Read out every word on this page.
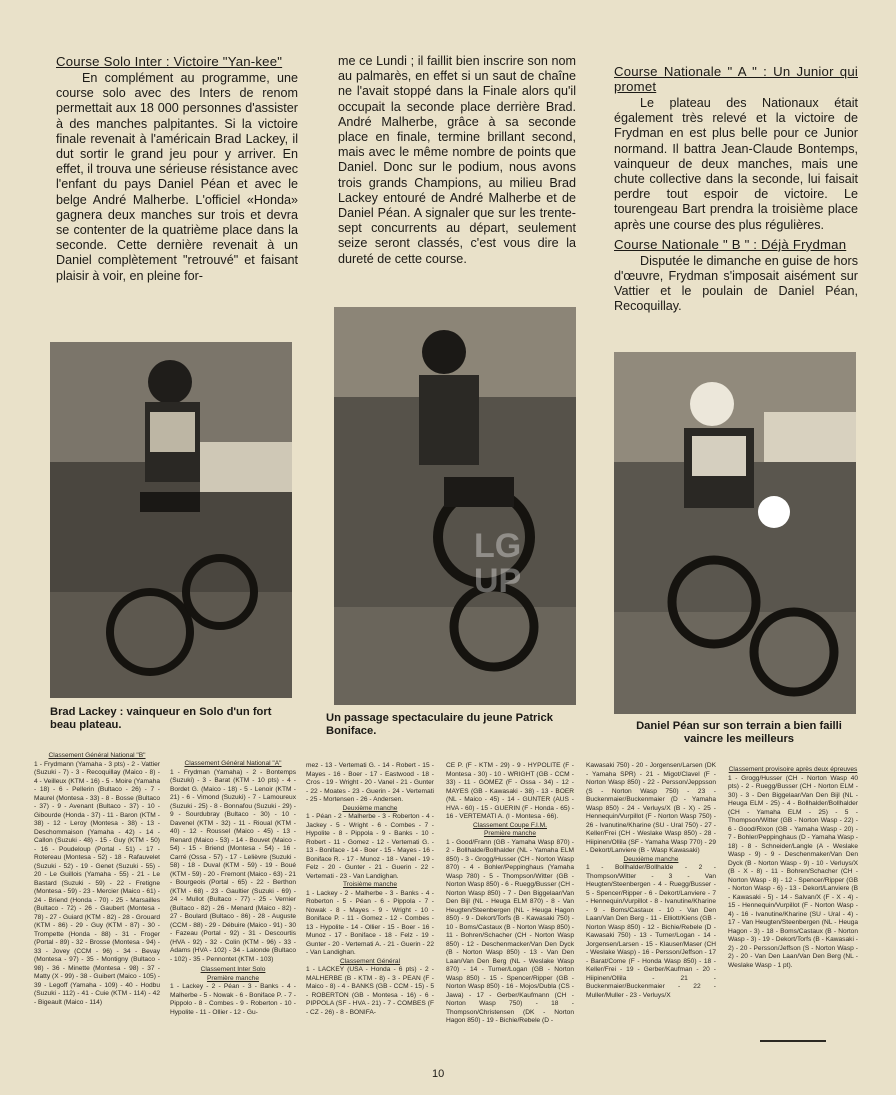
Course Solo Inter : Victoire "Yan-kee"

En complément au programme, une course solo avec des Inters de renom permettait aux 18 000 personnes d'assister à des manches palpitantes. Si la victoire finale revenait à l'américain Brad Lackey, il dut sortir le grand jeu pour y arriver. En effet, il trouva une sérieuse résistance avec l'enfant du pays Daniel Péan et avec le belge André Malherbe. L'officiel «Honda» gagnera deux manches sur trois et devra se contenter de la quatrième place dans la seconde. Cette dernière revenait à un Daniel complètement "retrouvé" et faisant plaisir à voir, en pleine for-

me ce Lundi ; il faillit bien inscrire son nom au palmarès, en effet si un saut de chaîne ne l'avait stoppé dans la Finale alors qu'il occupait la seconde place derrière Brad. André Malherbe, grâce à sa seconde place en finale, termine brillant second, mais avec le même nombre de points que Daniel. Donc sur le podium, nous avons trois grands Champions, au milieu Brad Lackey entouré de André Malherbe et de Daniel Péan. A signaler que sur les trente-sept concurrents au départ, seulement seize seront classés, c'est vous dire la dureté de cette course.

Course Nationale " A " : Un Junior qui promet

Le plateau des Nationaux était également très relevé et la victoire de Frydman en est plus belle pour ce Junior normand. Il battra Jean-Claude Bontemps, vainqueur de deux manches, mais une chute collective dans la seconde, lui faisait perdre tout espoir de victoire. Le tourengeau Bart prendra la troisième place après une course des plus régulières.

Course Nationale " B " : Déjà Frydman

Disputée le dimanche en guise de hors d'œuvre, Frydman s'imposait aisément sur Vattier et le poulain de Daniel Péan, Recoquillay.

Brad Lackey : vainqueur en Solo d'un fort beau plateau.
LG
UP
Un passage spectaculaire du jeune Patrick Boniface.	Daniel Péan sur son terrain a bien failli vaincre les meilleurs
Classement Général National "B"

1 - Frydmann (Yamaha - 3 pts) - 2 - Vattier (Suzuki - 7) - 3 - Recoquillay (Maico - 8) - 4 - Veilleux (KTM - 16) - 5 - Moire (Yamaha - 18) - 6 - Pellerin (Bultaco - 26) - 7 - Maurel (Montesa - 33) - 8 - Bosse (Bultaco - 37) - 9 - Avenant (Bultaco - 37) - 10 - Gibourde (Honda - 37) - 11 - Baron (KTM - 38) - 12 - Leroy (Montesa - 38) - 13 - Deschommaison (Yamaha - 42) - 14 - Callon (Suzuki - 48) - 15 - Guy (KTM - 50) - 16 - Poudeloup (Portal - 51) - 17 - Rotereau (Montesa - 52) - 18 - Rafauvelet (Suzuki - 52) - 19 - Genet (Suzuki - 55) - 20 - Le Guillois (Yamaha - 55) - 21 - Le Bastard (Suzuki - 59) - 22 - Fretigne (Montesa - 59) - 23 - Mercier (Maico - 61) - 24 - Briend (Honda - 70) - 25 - Marsailles (Bultaco - 72) - 26 - Gaubert (Montesa - 78) - 27 - Guiard (KTM - 82) - 28 - Grouard (KTM - 86) - 29 - Guy (KTM - 87) - 30 - Trompette (Honda - 88) - 31 - Froger (Portal - 89) - 32 - Brosse (Montesa - 94) - 33 - Jovey (CCM - 96) - 34 - Bevay (Montesa - 97) - 35 - Montigny (Bultaco - 98) - 36 - Minette (Montesa - 98) - 37 - Matty (X - 99) - 38 - Guibert (Maico - 105) - 39 - Legoff (Yamaha - 109) - 40 - Hodbu (Suzuki - 112) - 41 - Cuie (KTM - 114) - 42 - Bigeault (Maico - 114)

Classement Général National "A"

1 - Frydman (Yamaha) - 2 - Bontemps (Suzuki) - 3 - Barat (KTM - 10 pts) - 4 - Bordet G. (Maico - 18) - 5 - Lenoir (KTM - 21) - 6 - Vimond (Suzuki) - 7 - Lamoureux (Suzuki - 25) - 8 - Bonnafou (Suzuki - 29) - 9 - Sourdubray (Bultaco - 30) - 10 - Davenel (KTM - 32) - 11 - Rioual (KTM - 40) - 12 - Roussel (Maico - 45) - 13 - Renard (Maico - 53) - 14 - Bouvet (Maico - 54) - 15 - Briend (Montesa - 54) - 16 - Carré (Ossa - 57) - 17 - Lelièvre (Suzuki - 58) - 18 - Duval (KTM - 59) - 19 - Boué (KTM - 59) - 20 - Fremont (Maico - 63) - 21 - Bourgeois (Portal - 65) - 22 - Berthon (KTM - 68) - 23 - Gaultier (Suzuki - 69) - 24 - Mullot (Bultaco - 77) - 25 - Vernier (Bultaco - 82) - 26 - Menard (Maico - 82) - 27 - Boulard (Bultaco - 86) - 28 - Auguste (CCM - 88) - 29 - Débuire (Maico - 91) - 30 - Fazeau (Portal - 92) - 31 - Descourtis (HVA - 92) - 32 - Colin (KTM - 96) - 33 - Adams (HVA - 102) - 34 - Lalonde (Bultaco - 102) - 35 - Pennontet (KTM - 103)

Classement Inter Solo
Première manche

1 - Lackey - 2 - Péan - 3 - Banks - 4 - Malherbe - 5 - Nowak - 6 - Boniface P. - 7 - Pippolo - 8 - Combes - 9 - Roberton - 10 - Hypolite - 11 - Ollier - 12 - Gu-

mez - 13 - Vertemati G. - 14 - Robert - 15 - Mayes - 16 - Boer - 17 - Eastwood - 18 - Cros - 19 - Wright - 20 - Vanel - 21 - Gunter - 22 - Moates - 23 - Guerin - 24 - Vertemati - 25 - Mortensen - 26 - Andersen.

Deuxième manche

1 - Péan - 2 - Malherbe - 3 - Roberton - 4 - Jackey - 5 - Wright - 6 - Combes - 7 - Hypolite - 8 - Pippola - 9 - Banks - 10 - Robert - 11 - Gomez - 12 - Vertemati G. - 13 - Boniface - 14 - Boer - 15 - Mayes - 16 - Boniface R. - 17 - Munoz - 18 - Vanel - 19 - Felz - 20 - Gunter - 21 - Guerin - 22 - Vertemati - 23 - Van Landighan.

Troisième manche

1 - Lackey - 2 - Malherbe - 3 - Banks - 4 - Roberton - 5 - Péan - 6 - Pippola - 7 - Nowak - 8 - Mayes - 9 - Wright - 10 - Boniface P. - 11 - Gomez - 12 - Combes - 13 - Hypolite - 14 - Ollier - 15 - Boer - 16 - Munoz - 17 - Boniface - 18 - Felz - 19 - Gunter - 20 - Vertemati A. - 21 - Guerin - 22 - Van Landighan.

Classement Général

1 - LACKEY (USA - Honda - 6 pts) - 2 - MALHERBE (B - KTM - 8) - 3 - PEAN (F - Maico - 8) - 4 - BANKS (GB - CCM - 15) - 5 - ROBERTON (GB - Montesa - 16) - 6 - PIPPOLA (SF - HVA - 21) - 7 - COMBES (F - CZ - 26) - 8 - BONIFA-

CE P. (F - KTM - 29) - 9 - HYPOLITE (F - Montesa - 30) - 10 - WRIGHT (GB - CCM - 33) - 11 - GOMEZ (F - Ossa - 34) - 12 - MAYES (GB - Kawasaki - 38) - 13 - BOER (NL - Maico - 45) - 14 - GUNTER (AUS - HVA - 60) - 15 - GUERIN (F - Honda - 65) - 16 - VERTEMATI A. (I - Montesa - 66).

Classement Coupe F.I.M.
Première manche

1 - Good/Frann (GB - Yamaha Wasp 870) - 2 - Bollhalde/Bollhalder (NL - Yamaha ELM 850) - 3 - Grogg/Husser (CH - Norton Wasp 870) - 4 - Bohler/Peppinghaus (Yamaha Wasp 780) - 5 - Thompson/Witter (GB - Norton Wasp 850) - 6 - Ruegg/Busser (CH - Norton Wasp 850) - 7 - Den Biggelaar/Van Den Bijl (NL - Heuga ELM 870) - 8 - Van Heugten/Steenbergen (NL - Heuga Hagon 850) - 9 - Dekort/Torfs (B - Kawasaki 750) - 10 - Boms/Castaux (B - Norton Wasp 850) - 11 - Bohren/Schacher (CH - Norton Wasp 850) - 12 - Deschenmacker/Van Den Dyck (B - Norton Wasp 850) - 13 - Van Den Laan/Van Den Berg (NL - Weslake Wasp 870) - 14 - Turner/Logan (GB - Norton Wasp 850) - 15 - Spencer/Ripper (GB - Norton Wasp 850) - 16 - Mojos/Dubla (CS - Jawa) - 17 - Gerber/Kaufmann (CH - Norton Wasp 750) - 18 - Thompson/Christensen (DK - Norton Hagon 850) - 19 - Bichie/Rebele (D -

Kawasaki 750) - 20 - Jorgensen/Larsen (DK - Yamaha SPR) - 21 - Migot/Clavel (F - Norton Wasp 850) - 22 - Persson/Jeppsson (S - Norton Wasp 750) - 23 - Buckenmaier/Buckenmaier (D - Yamaha Wasp 850) - 24 - Verluys/X (B - X) - 25 - Hennequin/Vurpillot (F - Norton Wasp 750) - 26 - Ivanutine/Kharine (SU - Ural 750) - 27 - Keller/Frei (CH - Weslake Wasp 850) - 28 - Hiipinen/Ollila (SF - Yamaha Wasp 770) - 29 - Dekort/Lanviere (B - Wasp Kawasaki)

Deuxième manche

1 - Bollhalder/Bollhalde - 2 - Thompson/Witter - 3 - Van Heugten/Steenbergen - 4 - Ruegg/Busser - 5 - Spencer/Ripper - 6 - Dekort/Lanviere - 7 - Hennequin/Vurpillot - 8 - Ivanutine/Kharine - 9 - Boms/Castaux - 10 - Van Den Laan/Van Den Berg - 11 - Elliott/Kiens (GB - Norton Wasp 850) - 12 - Bichie/Rebele (D - Kawasaki 750) - 13 - Turner/Logan - 14 - Jorgensen/Larsen - 15 - Klauser/Maser (CH - Weslake Wasp) - 16 - Persson/Jeffson - 17 - Barat/Come (F - Honda Wasp 850) - 18 - Keller/Frei - 19 - Gerber/Kaufman - 20 - Hiipinen/Ollila - 21 - Buckenmaier/Buckenmaier - 22 - Muller/Muller - 23 - Verluys/X

Classement provisoire après deux épreuves

1 - Grogg/Husser (CH - Norton Wasp 40 pts) - 2 - Ruegg/Busser (CH - Norton ELM - 30) - 3 - Den Biggelaar/Van Den Bijl (NL - Heuga ELM - 25) - 4 - Bollhalder/Bollhalder (CH - Yamaha ELM - 25) - 5 - Thompson/Witter (GB - Norton Wasp - 22) - 6 - Good/Rixon (GB - Yamaha Wasp - 20) - 7 - Bohler/Peppinghaus (D - Yamaha Wasp - 18) - 8 - Schneider/Langle (A - Weslake Wasp - 9) - 9 - Deschenmaker/Van Den Dyck (B - Norton Wasp - 9) - 10 - Verluys/X (B - X - 8) - 11 - Bohren/Schacher (CH - Norton Wasp - 8) - 12 - Spencer/Ripper (GB - Norton Wasp - 6) - 13 - Dekort/Lanviere (B - Kawasaki - 5) - 14 - Salvan/X (F - X - 4) - 15 - Hennequin/Vurpillot (F - Norton Wasp - 4) - 16 - Ivanutine/Kharine (SU - Ural - 4) - 17 - Van Heugten/Steenbergen (NL - Heuga Hagon - 3) - 18 - Boms/Castaux (B - Norton Wasp - 3) - 19 - Dekort/Torfs (B - Kawasaki - 2) - 20 - Persson/Jeffson (S - Norton Wasp - 2) - 20 - Van Den Laan/Van Den Berg (NL - Weslake Wasp - 1 pt).

10
